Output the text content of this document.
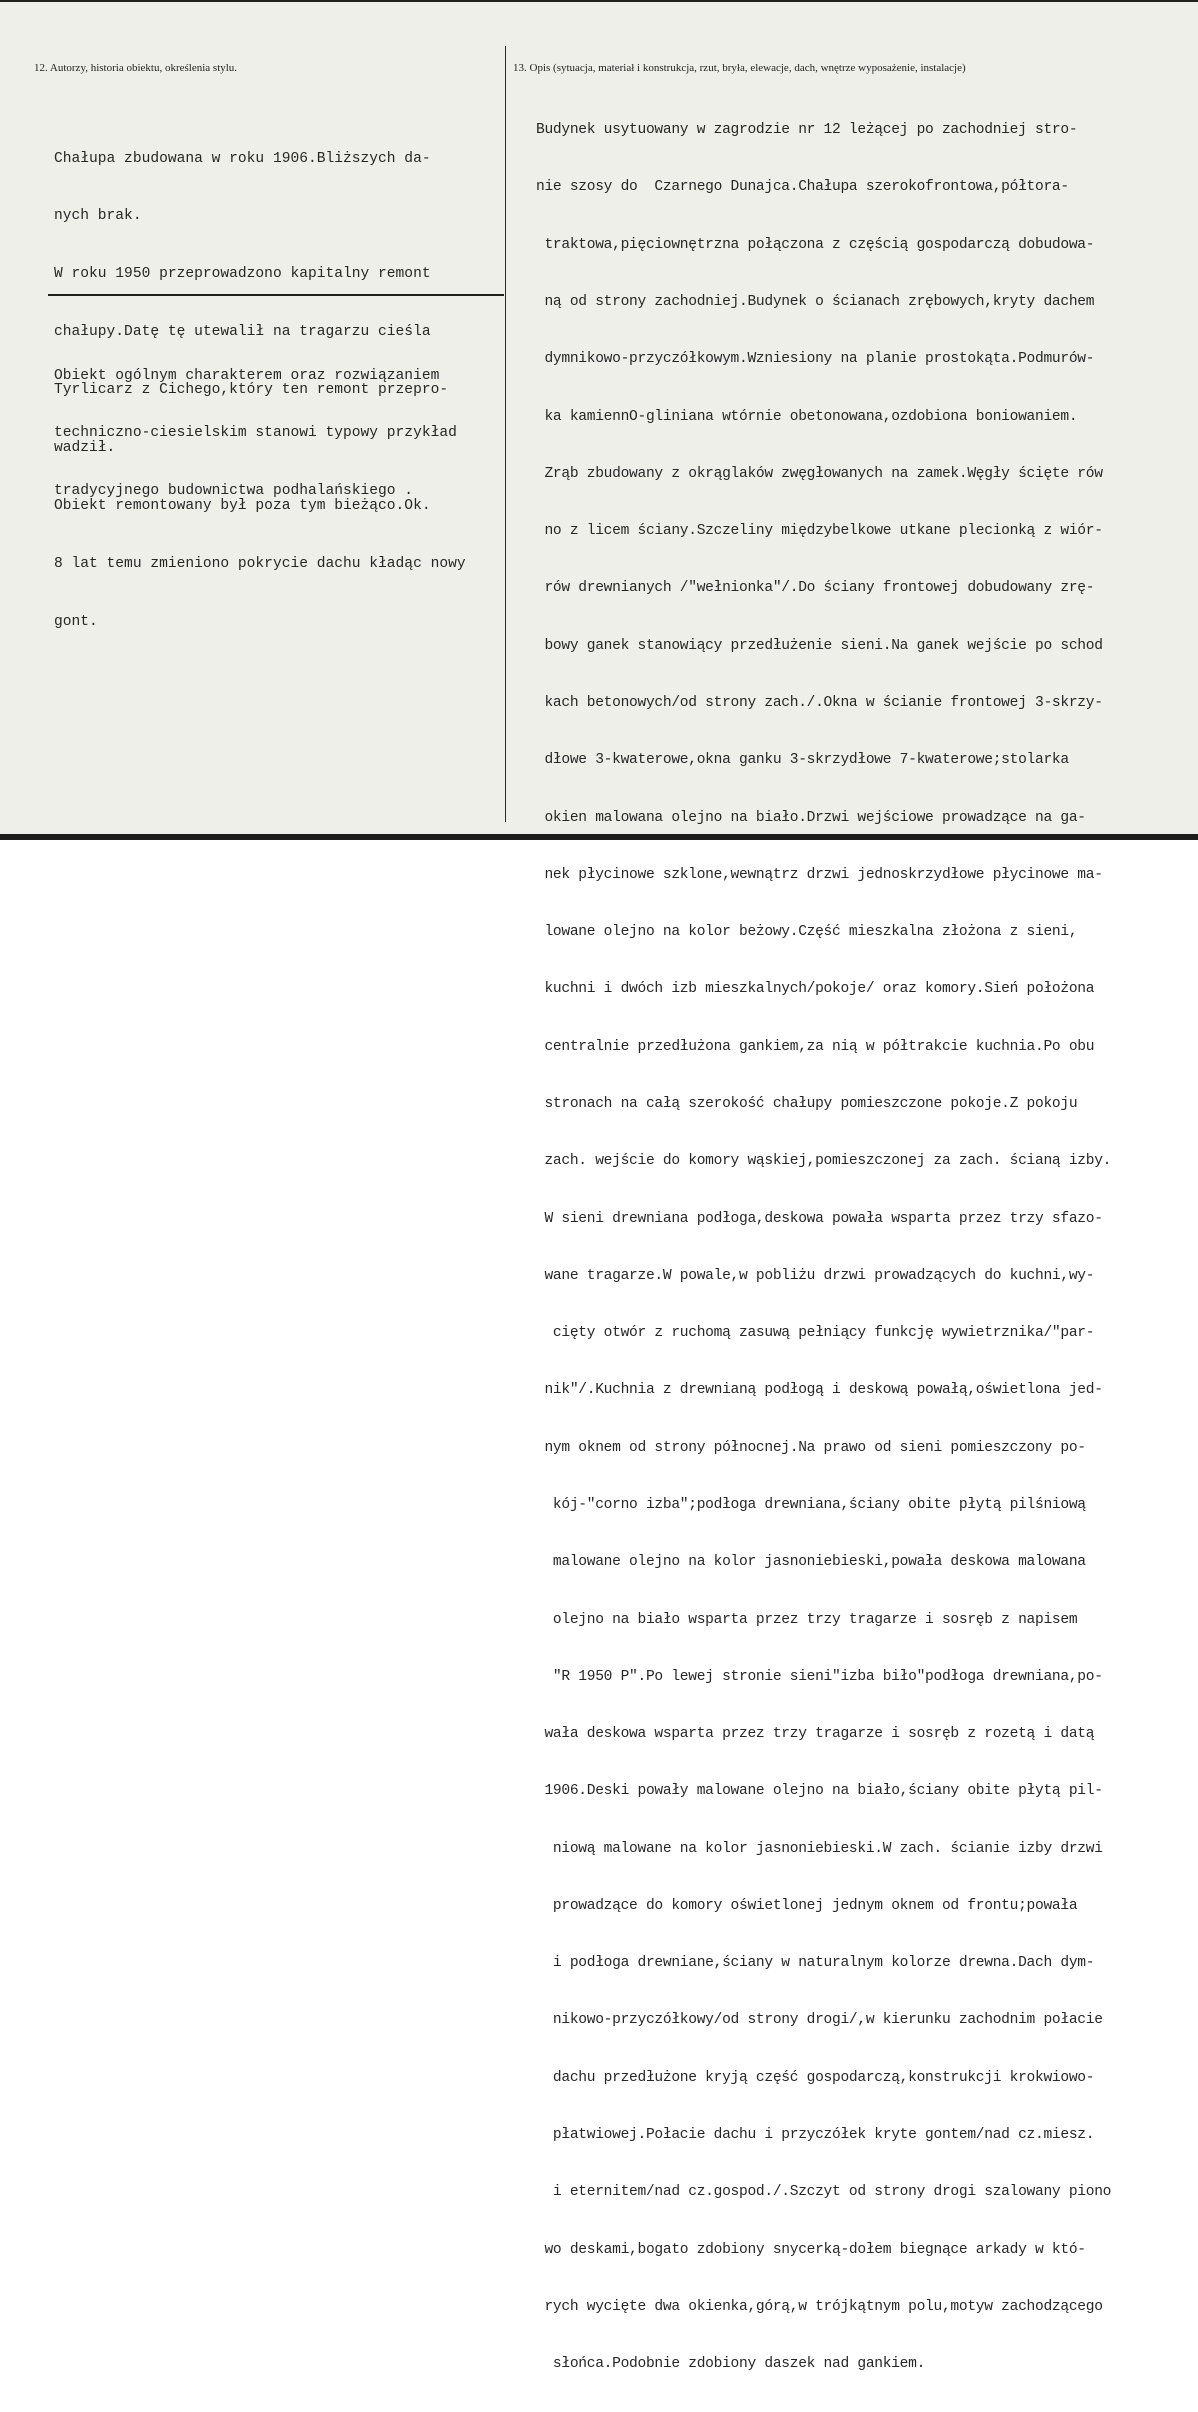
12. Autorzy, historia obiektu, określenia stylu.	13. Opis (sytuacja, materiał i konstrukcja, rzut, bryła, elewacje, dach, wnętrze wyposażenie, instalacje)

Chałupa zbudowana w roku 1906.Bliższych da-

nych brak.

W roku 1950 przeprowadzono kapitalny remont

chałupy.Datę tę utewalił na tragarzu cieśla

Tyrlicarz z Cichego,który ten remont przepro-

wadził.

Obiekt remontowany był poza tym bieżąco.Ok.

8 lat temu zmieniono pokrycie dachu kładąc nowy

gont.

Obiekt ogólnym charakterem oraz rozwiązaniem

techniczno-ciesielskim stanowi typowy przykład

tradycyjnego budownictwa podhalańskiego .

Budynek usytuowany w zagrodzie nr 12 leżącej po zachodniej stro-

nie szosy do  Czarnego Dunajca.Chałupa szerokofrontowa,półtora-

traktowa,pięciownętrzna połączona z częścią gospodarczą dobudowa-

ną od strony zachodniej.Budynek o ścianach zrębowych,kryty dachem

dymnikowo-przyczółkowym.Wzniesiony na planie prostokąta.Podmurów-

ka kamiennO-gliniana wtórnie obetonowana,ozdobiona boniowaniem.

Zrąb zbudowany z okrąglaków zwęgłowanych na zamek.Węgły ścięte rów

no z licem ściany.Szczeliny międzybelkowe utkane plecionką z wiór-

rów drewnianych /"wełnionka"/.Do ściany frontowej dobudowany zrę-

bowy ganek stanowiący przedłużenie sieni.Na ganek wejście po schod

kach betonowych/od strony zach./.Okna w ścianie frontowej 3-skrzy-

dłowe 3-kwaterowe,okna ganku 3-skrzydłowe 7-kwaterowe;stolarka

okien malowana olejno na biało.Drzwi wejściowe prowadzące na ga-

nek płycinowe szklone,wewnątrz drzwi jednoskrzydłowe płycinowe ma-

lowane olejno na kolor beżowy.Część mieszkalna złożona z sieni,

kuchni i dwóch izb mieszkalnych/pokoje/ oraz komory.Sień położona

centralnie przedłużona gankiem,za nią w półtrakcie kuchnia.Po obu

stronach na całą szerokość chałupy pomieszczone pokoje.Z pokoju

zach. wejście do komory wąskiej,pomieszczonej za zach. ścianą izby.

W sieni drewniana podłoga,deskowa powała wsparta przez trzy sfazo-

wane tragarze.W powale,w pobliżu drzwi prowadzących do kuchni,wy-

cięty otwór z ruchomą zasuwą pełniący funkcję wywietrznika/"par-

nik"/.Kuchnia z drewnianą podłogą i deskową powałą,oświetlona jed-

nym oknem od strony północnej.Na prawo od sieni pomieszczony po-

kój-"corno izba";podłoga drewniana,ściany obite płytą pilśniową

malowane olejno na kolor jasnoniebieski,powała deskowa malowana

olejno na biało wsparta przez trzy tragarze i sosręb z napisem

"R 1950 P".Po lewej stronie sieni"izba biło"podłoga drewniana,po-

wała deskowa wsparta przez trzy tragarze i sosręb z rozetą i datą

1906.Deski powały malowane olejno na biało,ściany obite płytą pil-

niową malowane na kolor jasnoniebieski.W zach. ścianie izby drzwi

prowadzące do komory oświetlonej jednym oknem od frontu;powała

i podłoga drewniane,ściany w naturalnym kolorze drewna.Dach dym-

nikowo-przyczółkowy/od strony drogi/,w kierunku zachodnim połacie

dachu przedłużone kryją część gospodarczą,konstrukcji krokwiowo-

płatwiowej.Połacie dachu i przyczółek kryte gontem/nad cz.miesz.

i eternitem/nad cz.gospod./.Szczyt od strony drogi szalowany piono

wo deskami,bogato zdobiony snycerką-dołem biegnące arkady w któ-

rych wycięte dwa okienka,górą,w trójkątnym polu,motyw zachodzącego

słońca.Podobnie zdobiony daszek nad gankiem.
